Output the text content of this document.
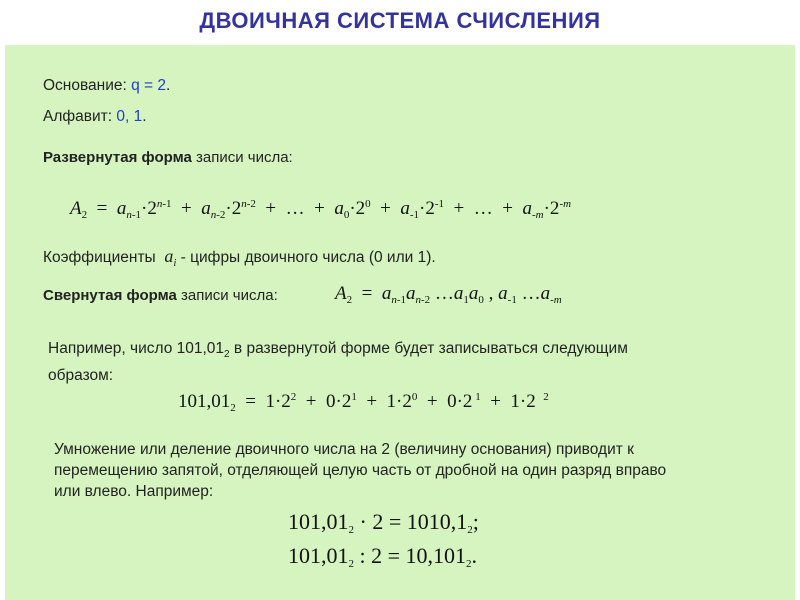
ДВОИЧНАЯ СИСТЕМА СЧИСЛЕНИЯ
Основание: q = 2.
Алфавит: 0, 1.
Развернутая форма записи числа:
$A_2 = a_{n-1}\cdot 2^{n-1} + a_{n-2}\cdot 2^{n-2}$  +  …  +  $a_0\cdot 2^0 + a_{-1}\cdot 2^{-1}$  +  …  +  $a_{-m}\cdot 2^{-m}$
Коэффициенты $a_i$ - цифры двоичного числа (0 или 1).
Свернутая форма записи числа:	$A_2 = a_{n-1}a_{n-2}$ $\dots a_1a_0$ , $a_{-1}$ $\dots a_{-m}$
Например, число $101,01_2$ в развернутой форме будет записываться следующим
образом:
$101,01_2 = 1\cdot 2^2 + 0\cdot 2^1 + 1\cdot 2^0 + 0\cdot 2$ $^1$  +  1·2  $^2$
Умножение или деление двоичного числа на 2 (величину основания) приводит к
перемещению запятой, отделяющей целую часть от дробной на один разряд вправо
или влево. Например:
$101,01_2 \cdot 2 = 1010,1_2$;
$101,01_2$ : $2 = 10,101_2$.
